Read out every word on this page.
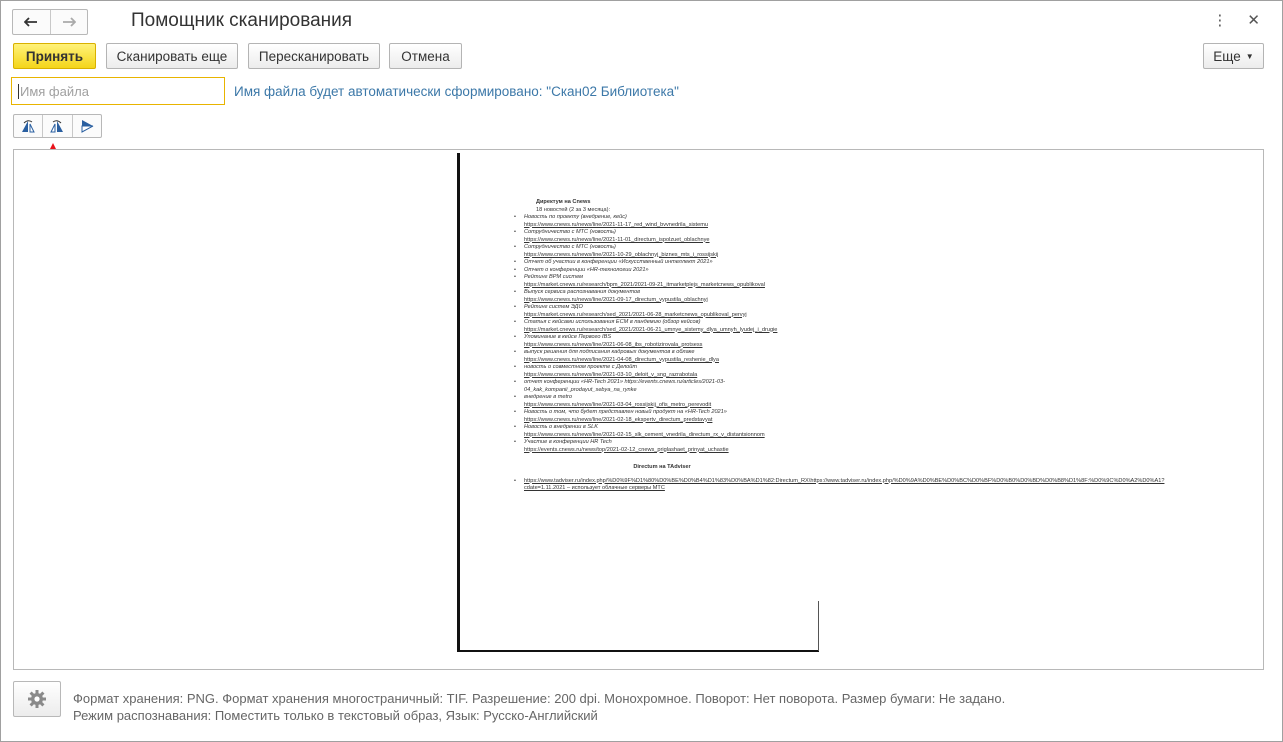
Помощник сканирования	⋮ ✕
Принять	Сканировать еще	Пересканировать	Отмена	Еще ▼
Имя файла	Имя файла будет автоматически сформировано: "Скан02 Библиотека"
Директум на Cnews
18 новостей (2 за 3 месяца):
• Новость по проекту (внедрение, кейс)
https://www.cnews.ru/news/line/2021-11-17_red_wind_bvvnedrila_sistemu
• Сотрудничество с МТС (новость)
https://www.cnews.ru/news/line/2021-11-01_directum_ispolzuet_oblachnye
• Сотрудничество с МТС (новость)
https://www.cnews.ru/news/line/2021-10-29_oblachnyj_biznes_mts_i_rossijskij
• Отчет об участии в конференции «Искусственный интеллект 2021»
• Отчет о конференции «HR-технологии 2021»
• Рейтинг BPM систем
https://market.cnews.ru/research/bpm_2021/2021-09-21_itmarketplejs_marketcnews_opublikoval
• Выпуск сервиса распознавания документов
https://www.cnews.ru/news/line/2021-09-17_directum_vypustila_oblachnyj
• Рейтинг систем ЭДО
https://market.cnews.ru/research/sed_2021/2021-06-28_marketcnews_opublikoval_pervyj
• Статья с кейсами использования ECM в пандемию (обзор кейсов)
https://market.cnews.ru/research/sed_2021/2021-06-21_umnye_sistemy_dlya_umnyh_lyudej_i_drugie
• Упоминание в кейсе Первого IBS
https://www.cnews.ru/news/line/2021-06-08_ibs_robotizirovala_protsess
• выпуск решения для подписания кадровых документов в облаке
https://www.cnews.ru/news/line/2021-04-08_directum_vypustila_reshenie_dlya
• новость о совместном проекте с Делойт
https://www.cnews.ru/news/line/2021-03-10_deloit_v_sng_razrabotala
• отчет конференции «HR-Tech 2021» https://events.cnews.ru/articles/2021-03-04_kak_kompanii_prodayut_sebya_na_rynke
• внедрение в metro
https://www.cnews.ru/news/line/2021-03-04_rossijskij_ofis_metro_perevodit
• Новость о том, что будет представлен новый продукт на «HR-Tech 2021»
https://www.cnews.ru/news/line/2021-02-18_ekspertv_directum_predstavyat
• Новость о внедрении в SLK
https://www.cnews.ru/news/line/2021-02-15_slk_cement_vnedrila_directum_rx_v_distantsionnom
• Участие в конференции HR Tech
https://events.cnews.ru/news/top/2021-02-12_cnews_priglashaet_prinyat_uchastie
Directum на TAdviser
• https://www.tadviser.ru/index.php/%D0%9F%D1%80%D0%BE%D0%B4%D1%83%D0%BA%D1%82:Directum_RX\https://www.tadviser.ru/index.php/%D0%9A%D0%BE%D0%BC%D0%BF%D0%B0%D0%BD%D0%B8%D1%8F:%D0%9C%D0%A2%D0%A1?cdate=1.11.2021 – использует облачные серверы МТС
Формат хранения: PNG. Формат хранения многостраничный: TIF. Разрешение: 200 dpi. Монохромное. Поворот: Нет поворота. Размер бумаги: Не задано.
Режим распознавания: Поместить только в текстовый образ, Язык: Русско-Английский
